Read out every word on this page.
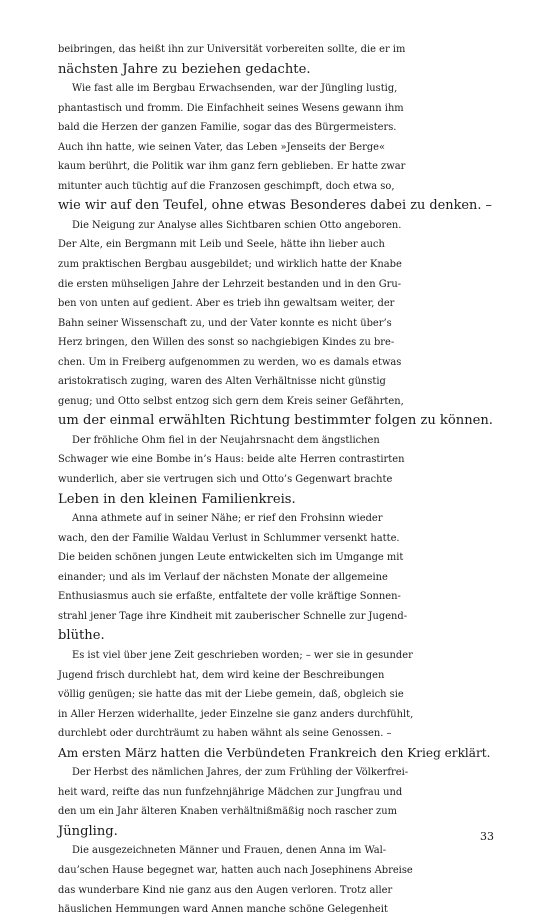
beibringen, das heißt ihn zur Universität vorbereiten sollte, die er im
nächsten Jahre zu beziehen gedachte.
Wie fast alle im Bergbau Erwachsenden, war der Jüngling lustig,
phantastisch und fromm. Die Einfachheit seines Wesens gewann ihm
bald die Herzen der ganzen Familie, sogar das des Bürgermeisters.
Auch ihn hatte, wie seinen Vater, das Leben »Jenseits der Berge«
kaum berührt, die Politik war ihm ganz fern geblieben. Er hatte zwar
mitunter auch tüchtig auf die Franzosen geschimpft, doch etwa so,
wie wir auf den Teufel, ohne etwas Besonderes dabei zu denken. –
Die Neigung zur Analyse alles Sichtbaren schien Otto angeboren.
Der Alte, ein Bergmann mit Leib und Seele, hätte ihn lieber auch
zum praktischen Bergbau ausgebildet; und wirklich hatte der Knabe
die ersten mühseligen Jahre der Lehrzeit bestanden und in den Gru-
ben von unten auf gedient. Aber es trieb ihn gewaltsam weiter, der
Bahn seiner Wissenschaft zu, und der Vater konnte es nicht über’s
Herz bringen, den Willen des sonst so nachgiebigen Kindes zu bre-
chen. Um in Freiberg aufgenommen zu werden, wo es damals etwas
aristokratisch zuging, waren des Alten Verhältnisse nicht günstig
genug; und Otto selbst entzog sich gern dem Kreis seiner Gefährten,
um der einmal erwählten Richtung bestimmter folgen zu können.
Der fröhliche Ohm fiel in der Neujahrsnacht dem ängstlichen
Schwager wie eine Bombe in’s Haus: beide alte Herren contrastirten
wunderlich, aber sie vertrugen sich und Otto’s Gegenwart brachte
Leben in den kleinen Familienkreis.
Anna athmete auf in seiner Nähe; er rief den Frohsinn wieder
wach, den der Familie Waldau Verlust in Schlummer versenkt hatte.
Die beiden schönen jungen Leute entwickelten sich im Umgange mit
einander; und als im Verlauf der nächsten Monate der allgemeine
Enthusiasmus auch sie erfaßte, entfaltete der volle kräftige Sonnen-
strahl jener Tage ihre Kindheit mit zauberischer Schnelle zur Jugend-
blüthe.
Es ist viel über jene Zeit geschrieben worden; – wer sie in gesunder
Jugend frisch durchlebt hat, dem wird keine der Beschreibungen
völlig genügen; sie hatte das mit der Liebe gemein, daß, obgleich sie
in Aller Herzen widerhallte, jeder Einzelne sie ganz anders durchfühlt,
durchlebt oder durchträumt zu haben wähnt als seine Genossen. –
Am ersten März hatten die Verbündeten Frankreich den Krieg erklärt.
Der Herbst des nämlichen Jahres, der zum Frühling der Völkerfrei-
heit ward, reifte das nun funfzehnjährige Mädchen zur Jungfrau und
den um ein Jahr älteren Knaben verhältnißmäßig noch rascher zum
Jüngling.
Die ausgezeichneten Männer und Frauen, denen Anna im Wal-
dau’schen Hause begegnet war, hatten auch nach Josephinens Abreise
das wunderbare Kind nie ganz aus den Augen verloren. Trotz aller
häuslichen Hemmungen ward Annen manche schöne Gelegenheit
33
